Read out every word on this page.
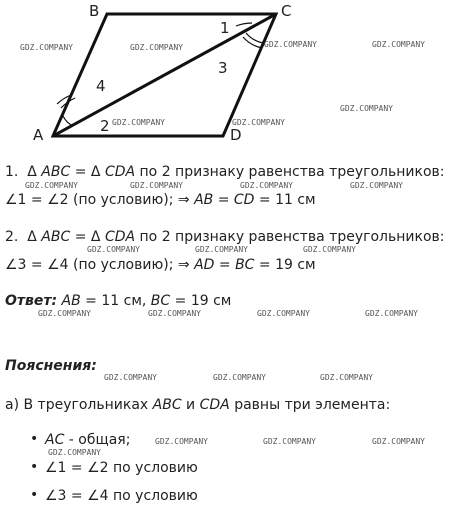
B	C
A	D
1
2
3
4
GDZ.COMPANY	GDZ.COMPANY	GDZ.COMPANY	GDZ.COMPANY
GDZ.COMPANY
GDZ.COMPANY	GDZ.COMPANY
GDZ.COMPANY	GDZ.COMPANY	GDZ.COMPANY	GDZ.COMPANY
GDZ.COMPANY	GDZ.COMPANY	GDZ.COMPANY
GDZ.COMPANY	GDZ.COMPANY	GDZ.COMPANY	GDZ.COMPANY
GDZ.COMPANY	GDZ.COMPANY	GDZ.COMPANY
GDZ.COMPANY	GDZ.COMPANY	GDZ.COMPANY
GDZ.COMPANY
1. Δ ABC = Δ CDA по 2 признаку равенства треугольников:
∠1 = ∠2 (по условию); ⇒ AB = CD = 11 см
2. Δ ABC = Δ CDA по 2 признаку равенства треугольников:
∠3 = ∠4 (по условию); ⇒ AD = BC = 19 см
Ответ: AB = 11 см, BC = 19 см
Пояснения:
а) В треугольниках ABC и CDA равны три элемента:
• AC - общая;
• ∠1 = ∠2 по условию
• ∠3 = ∠4 по условию
